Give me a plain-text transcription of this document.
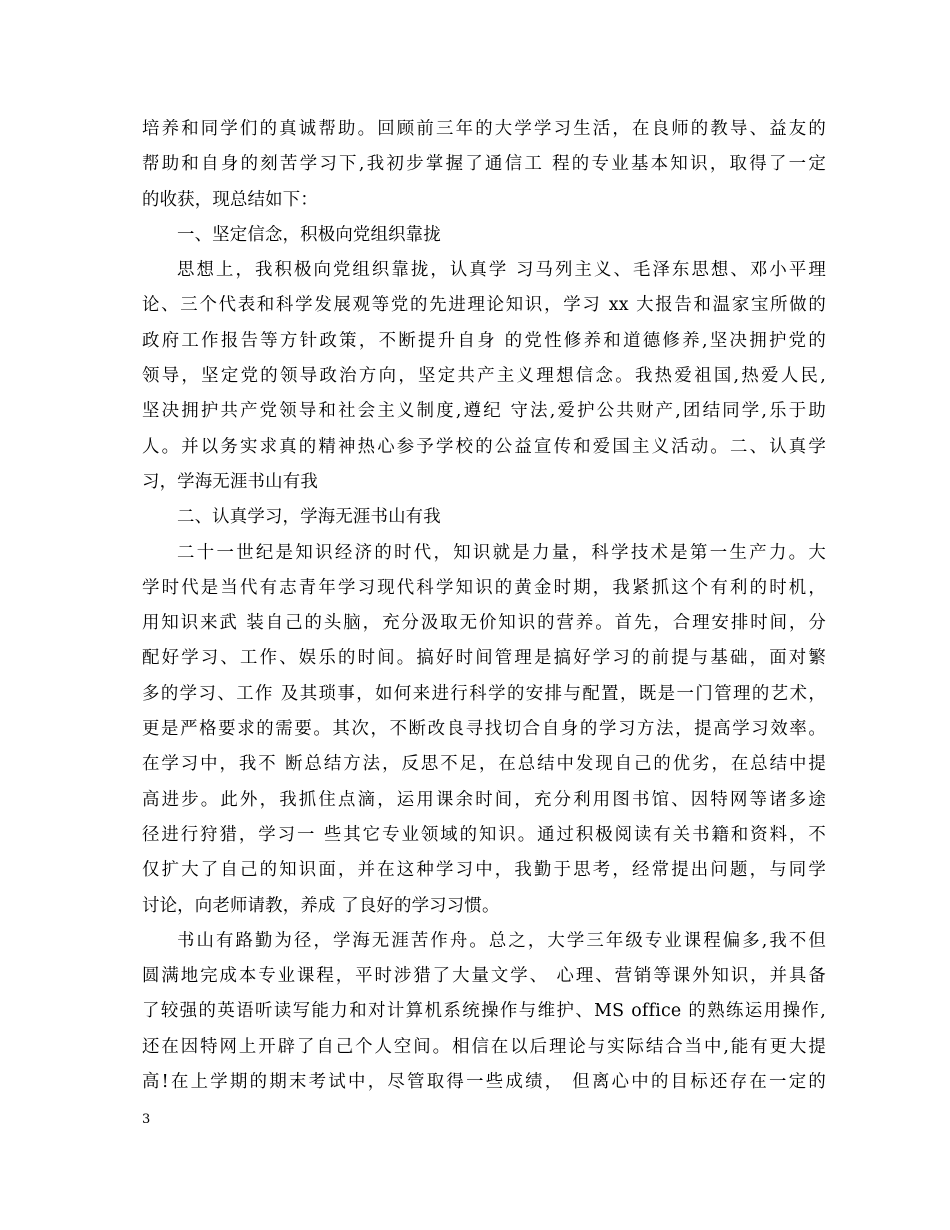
培养和同学们的真诚帮助。回顾前三年的大学学习生活，在良师的教导、益友的
帮助和自身的刻苦学习下,我初步掌握了通信工 程的专业基本知识，取得了一定
的收获，现总结如下：
一、坚定信念，积极向党组织靠拢
思想上，我积极向党组织靠拢，认真学 习马列主义、毛泽东思想、邓小平理
论、三个代表和科学发展观等党的先进理论知识，学习 xx 大报告和温家宝所做的
政府工作报告等方针政策，不断提升自身 的党性修养和道德修养,坚决拥护党的
领导，坚定党的领导政治方向，坚定共产主义理想信念。我热爱祖国,热爱人民,
坚决拥护共产党领导和社会主义制度,遵纪 守法,爱护公共财产,团结同学,乐于助
人。并以务实求真的精神热心参予学校的公益宣传和爱国主义活动。二、认真学
习，学海无涯书山有我
二、认真学习，学海无涯书山有我
二十一世纪是知识经济的时代，知识就是力量，科学技术是第一生产力。大
学时代是当代有志青年学习现代科学知识的黄金时期，我紧抓这个有利的时机，
用知识来武 装自己的头脑，充分汲取无价知识的营养。首先，合理安排时间，分
配好学习、工作、娱乐的时间。搞好时间管理是搞好学习的前提与基础，面对繁
多的学习、工作 及其琐事，如何来进行科学的安排与配置，既是一门管理的艺术，
更是严格要求的需要。其次，不断改良寻找切合自身的学习方法，提高学习效率。
在学习中，我不 断总结方法，反思不足，在总结中发现自己的优劣，在总结中提
高进步。此外，我抓住点滴，运用课余时间，充分利用图书馆、因特网等诸多途
径进行狩猎，学习一 些其它专业领域的知识。通过积极阅读有关书籍和资料，不
仅扩大了自己的知识面，并在这种学习中，我勤于思考，经常提出问题，与同学
讨论，向老师请教，养成 了良好的学习习惯。
书山有路勤为径，学海无涯苦作舟。总之，大学三年级专业课程偏多,我不但
圆满地完成本专业课程，平时涉猎了大量文学、 心理、营销等课外知识，并具备
了较强的英语听读写能力和对计算机系统操作与维护、MS office 的熟练运用操作,
还在因特网上开辟了自己个人空间。相信在以后理论与实际结合当中,能有更大提
高!在上学期的期末考试中，尽管取得一些成绩， 但离心中的目标还存在一定的
3
